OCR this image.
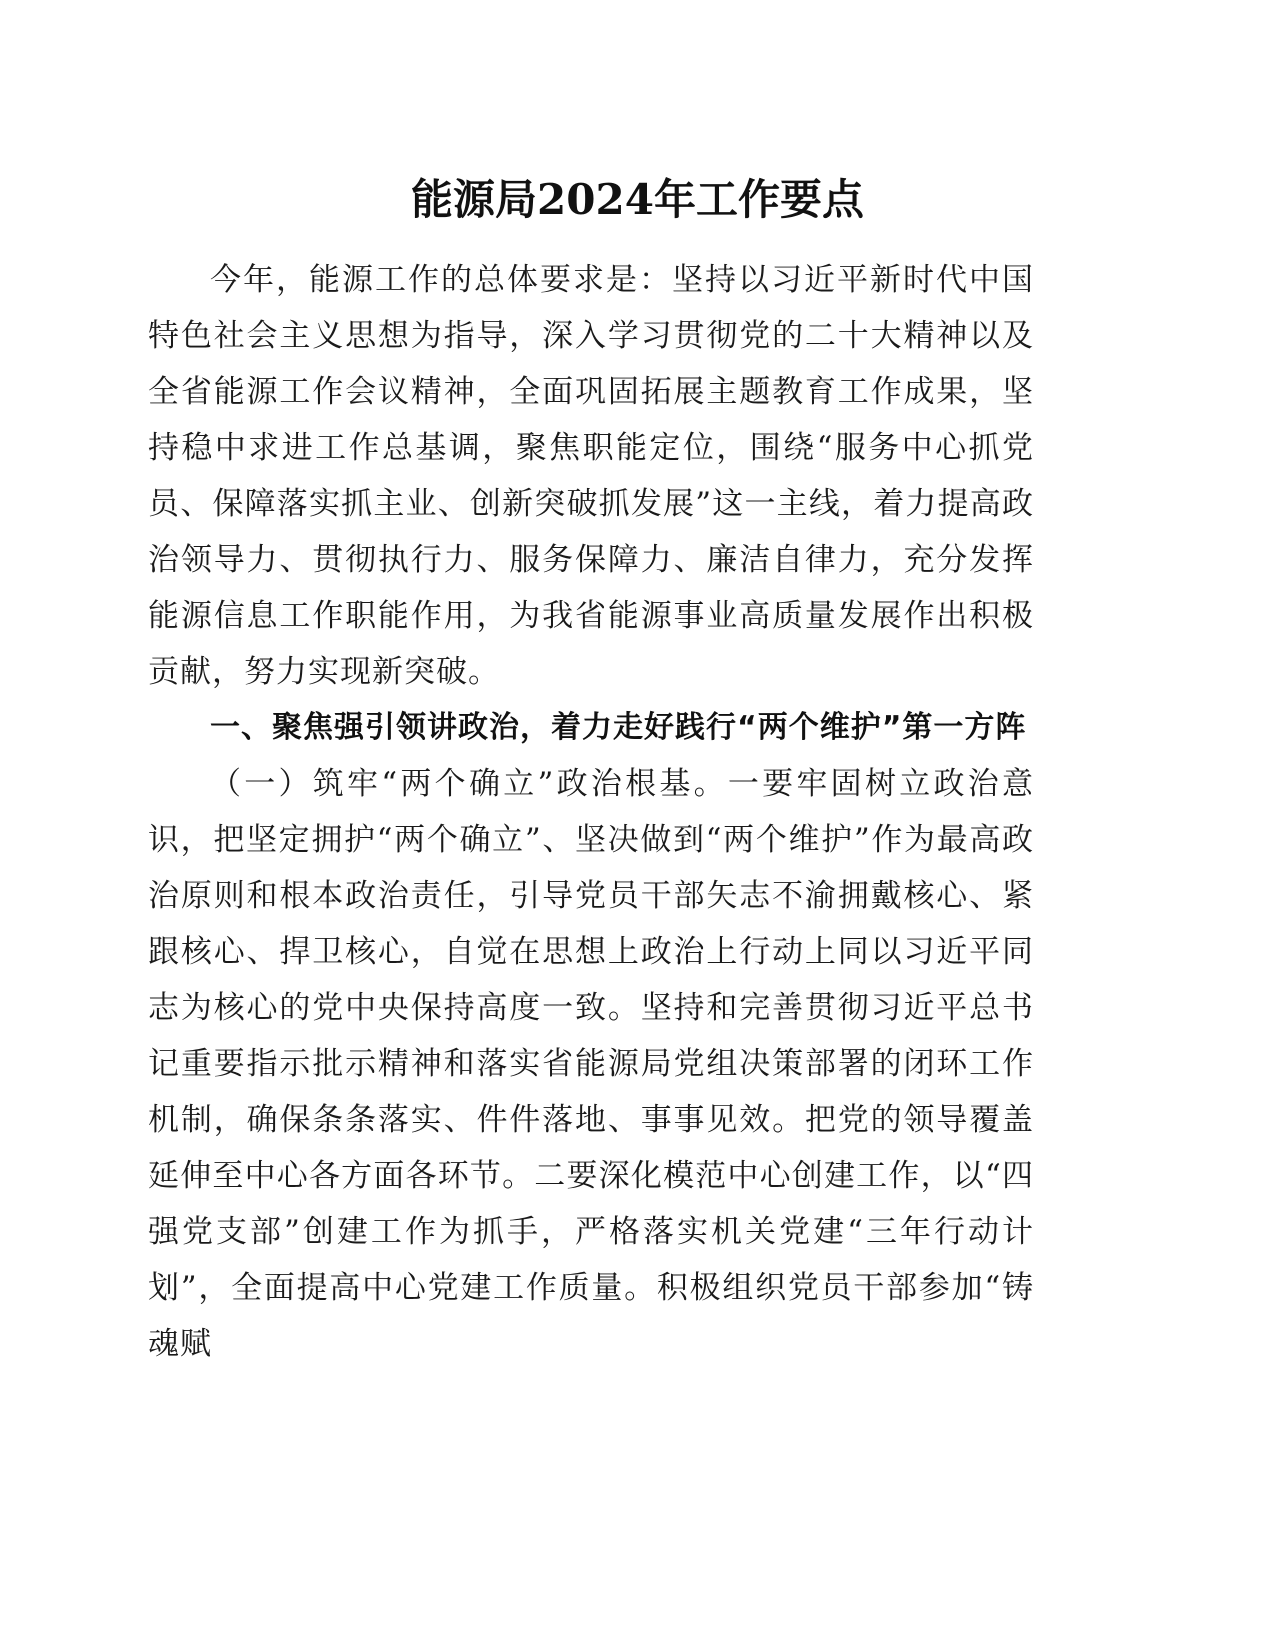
能源局2024年工作要点

今年，能源工作的总体要求是：坚持以习近平新时代中国特色社会主义思想为指导，深入学习贯彻党的二十大精神以及全省能源工作会议精神，全面巩固拓展主题教育工作成果，坚持稳中求进工作总基调，聚焦职能定位，围绕“服务中心抓党员、保障落实抓主业、创新突破抓发展”这一主线，着力提高政治领导力、贯彻执行力、服务保障力、廉洁自律力，充分发挥能源信息工作职能作用，为我省能源事业高质量发展作出积极贡献，努力实现新突破。

一、聚焦强引领讲政治，着力走好践行“两个维护”第一方阵

（一）筑牢“两个确立”政治根基。一要牢固树立政治意识，把坚定拥护“两个确立”、坚决做到“两个维护”作为最高政治原则和根本政治责任，引导党员干部矢志不渝拥戴核心、紧跟核心、捍卫核心，自觉在思想上政治上行动上同以习近平同志为核心的党中央保持高度一致。坚持和完善贯彻习近平总书记重要指示批示精神和落实省能源局党组决策部署的闭环工作机制，确保条条落实、件件落地、事事见效。把党的领导覆盖延伸至中心各方面各环节。二要深化模范中心创建工作，以“四强党支部”创建工作为抓手，严格落实机关党建“三年行动计划”，全面提高中心党建工作质量。积极组织党员干部参加“铸魂赋
